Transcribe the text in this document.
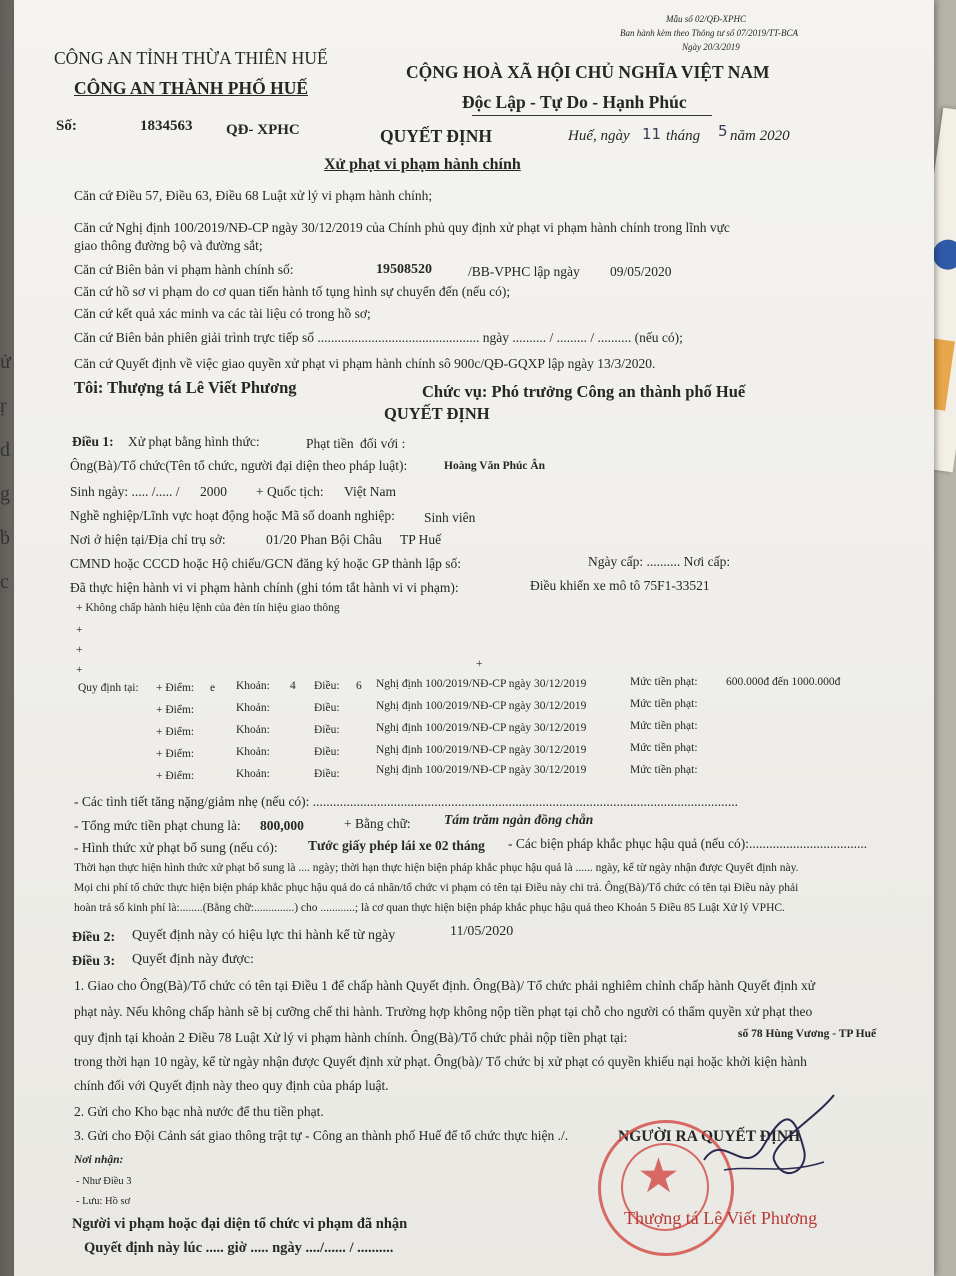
ử
ṛ
d
g
ḃ
c
Mẫu số 02/QĐ-XPHC
Ban hành kèm theo Thông tư số 07/2019/TT-BCA
Ngày 20/3/2019
CÔNG AN TỈNH THỪA THIÊN HUẾ
CÔNG AN THÀNH PHỐ HUẾ
Số:	1834563 QĐ- XPHC
CỘNG HOÀ XÃ HỘI CHỦ NGHĨA VIỆT NAM
Độc Lập - Tự Do - Hạnh Phúc
Huế, ngày 11 tháng 5 năm 2020
QUYẾT ĐỊNH
Xử phạt vi phạm hành chính
Căn cứ Điều 57, Điều 63, Điều 68 Luật xử lý vi phạm hành chính;
Căn cứ Nghị định 100/2019/NĐ-CP ngày 30/12/2019 của Chính phủ quy định xử phạt vi phạm hành chính trong lĩnh vực
giao thông đường bộ và đường sắt;
Căn cứ Biên bản vi phạm hành chính số:	19508520	/BB-VPHC lập ngày 09/05/2020
Căn cứ hồ sơ vi phạm do cơ quan tiến hành tố tụng hình sự chuyển đến (nếu có);
Căn cứ kết quả xác minh va các tài liệu có trong hồ sơ;
Căn cứ Biên bản phiên giải trình trực tiếp số ................................................ ngày .......... / ......... / .......... (nếu có);
Căn cứ Quyết định về việc giao quyền xử phạt vi phạm hành chính sô 900c/QĐ-GQXP lập ngày 13/3/2020.
Tôi: Thượng tá Lê Viết Phương	Chức vụ: Phó trưởng Công an thành phố Huế
QUYẾT ĐỊNH
Điều 1: Xử phạt bằng hình thức:	Phạt tiền đối với :
Ông(Bà)/Tổ chức(Tên tổ chức, người đại diện theo pháp luật):	Hoàng Văn Phúc Ân
Sinh ngày: ..... /..... / 2000 + Quốc tịch: Việt Nam
Nghề nghiệp/Lĩnh vực hoạt động hoặc Mã số doanh nghiệp: Sinh viên
Nơi ở hiện tại/Địa chỉ trụ sở:	01/20 Phan Bội Châu TP Huế
CMND hoặc CCCD hoặc Hộ chiếu/GCN đăng ký hoặc GP thành lập số:	Ngày cấp: .......... Nơi cấp:
Đã thực hiện hành vi vi phạm hành chính (ghi tóm tắt hành vi vi phạm):	Điều khiển xe mô tô 75F1-33521
+ Không chấp hành hiệu lệnh của đèn tín hiệu giao thông
+
+
+	+
Quy định tại: + Điểm: e Khoản: 4 Điều: 6 Nghị định 100/2019/NĐ-CP ngày 30/12/2019	Mức tiền phạt: 600.000đ đến 1000.000đ
+ Điểm:	Khoản:	Điều:	Nghị định 100/2019/NĐ-CP ngày 30/12/2019	Mức tiền phạt:
+ Điểm:	Khoản:	Điều:	Nghị định 100/2019/NĐ-CP ngày 30/12/2019	Mức tiền phạt:
+ Điểm:	Khoản:	Điều:	Nghị định 100/2019/NĐ-CP ngày 30/12/2019	Mức tiền phạt:
+ Điểm:	Khoản:	Điều:	Nghị định 100/2019/NĐ-CP ngày 30/12/2019	Mức tiền phạt:
- Các tình tiết tăng nặng/giảm nhẹ (nếu có): ..............................................................................................................................
- Tổng mức tiền phạt chung là: 800,000	+ Bằng chữ: Tám trăm ngàn đồng chẵn
- Hình thức xử phạt bổ sung (nếu có): Tước giấy phép lái xe 02 tháng - Các biện pháp khắc phục hậu quả (nếu có):...................................
Thời hạn thực hiện hình thức xử phạt bổ sung là .... ngày; thời hạn thực hiện biện pháp khắc phục hậu quả là ...... ngày, kể từ ngày nhận được Quyết định này.
Mọi chi phí tổ chức thực hiện biện pháp khắc phục hậu quả do cá nhân/tổ chức vi phạm có tên tại Điều này chi trả. Ông(Bà)/Tổ chức có tên tại Điều này phải
hoàn trả số kinh phí là:........(Bằng chữ:..............) cho ............; là cơ quan thực hiện biện pháp khắc phục hậu quả theo Khoản 5 Điều 85 Luật Xử lý VPHC.
Điều 2: Quyết định này có hiệu lực thi hành kể từ ngày	11/05/2020
Điều 3: Quyết định này được:
1. Giao cho Ông(Bà)/Tổ chức có tên tại Điều 1 để chấp hành Quyết định. Ông(Bà)/ Tổ chức phải nghiêm chỉnh chấp hành Quyết định xử
phạt này. Nếu không chấp hành sẽ bị cưỡng chế thi hành. Trường hợp không nộp tiền phạt tại chỗ cho người có thẩm quyền xử phạt theo
quy định tại khoản 2 Điều 78 Luật Xử lý vi phạm hành chính. Ông(Bà)/Tổ chức phải nộp tiền phạt tại:	số 78 Hùng Vương - TP Huế
trong thời hạn 10 ngày, kể từ ngày nhận được Quyết định xử phạt. Ông(bà)/ Tổ chức bị xử phạt có quyền khiếu nại hoặc khởi kiện hành
chính đối với Quyết định này theo quy định của pháp luật.
2. Gửi cho Kho bạc nhà nước để thu tiền phạt.
3. Gửi cho Đội Cảnh sát giao thông trật tự - Công an thành phố Huế để tổ chức thực hiện ./.
Nơi nhận:
- Như Điều 3
- Lưu: Hồ sơ
Người vi phạm hoặc đại diện tổ chức vi phạm đã nhận
Quyết định này lúc ..... giờ ..... ngày ..../...... / ..........
NGƯỜI RA QUYẾT ĐỊNH
★
Thượng tá Lê Viết Phương
